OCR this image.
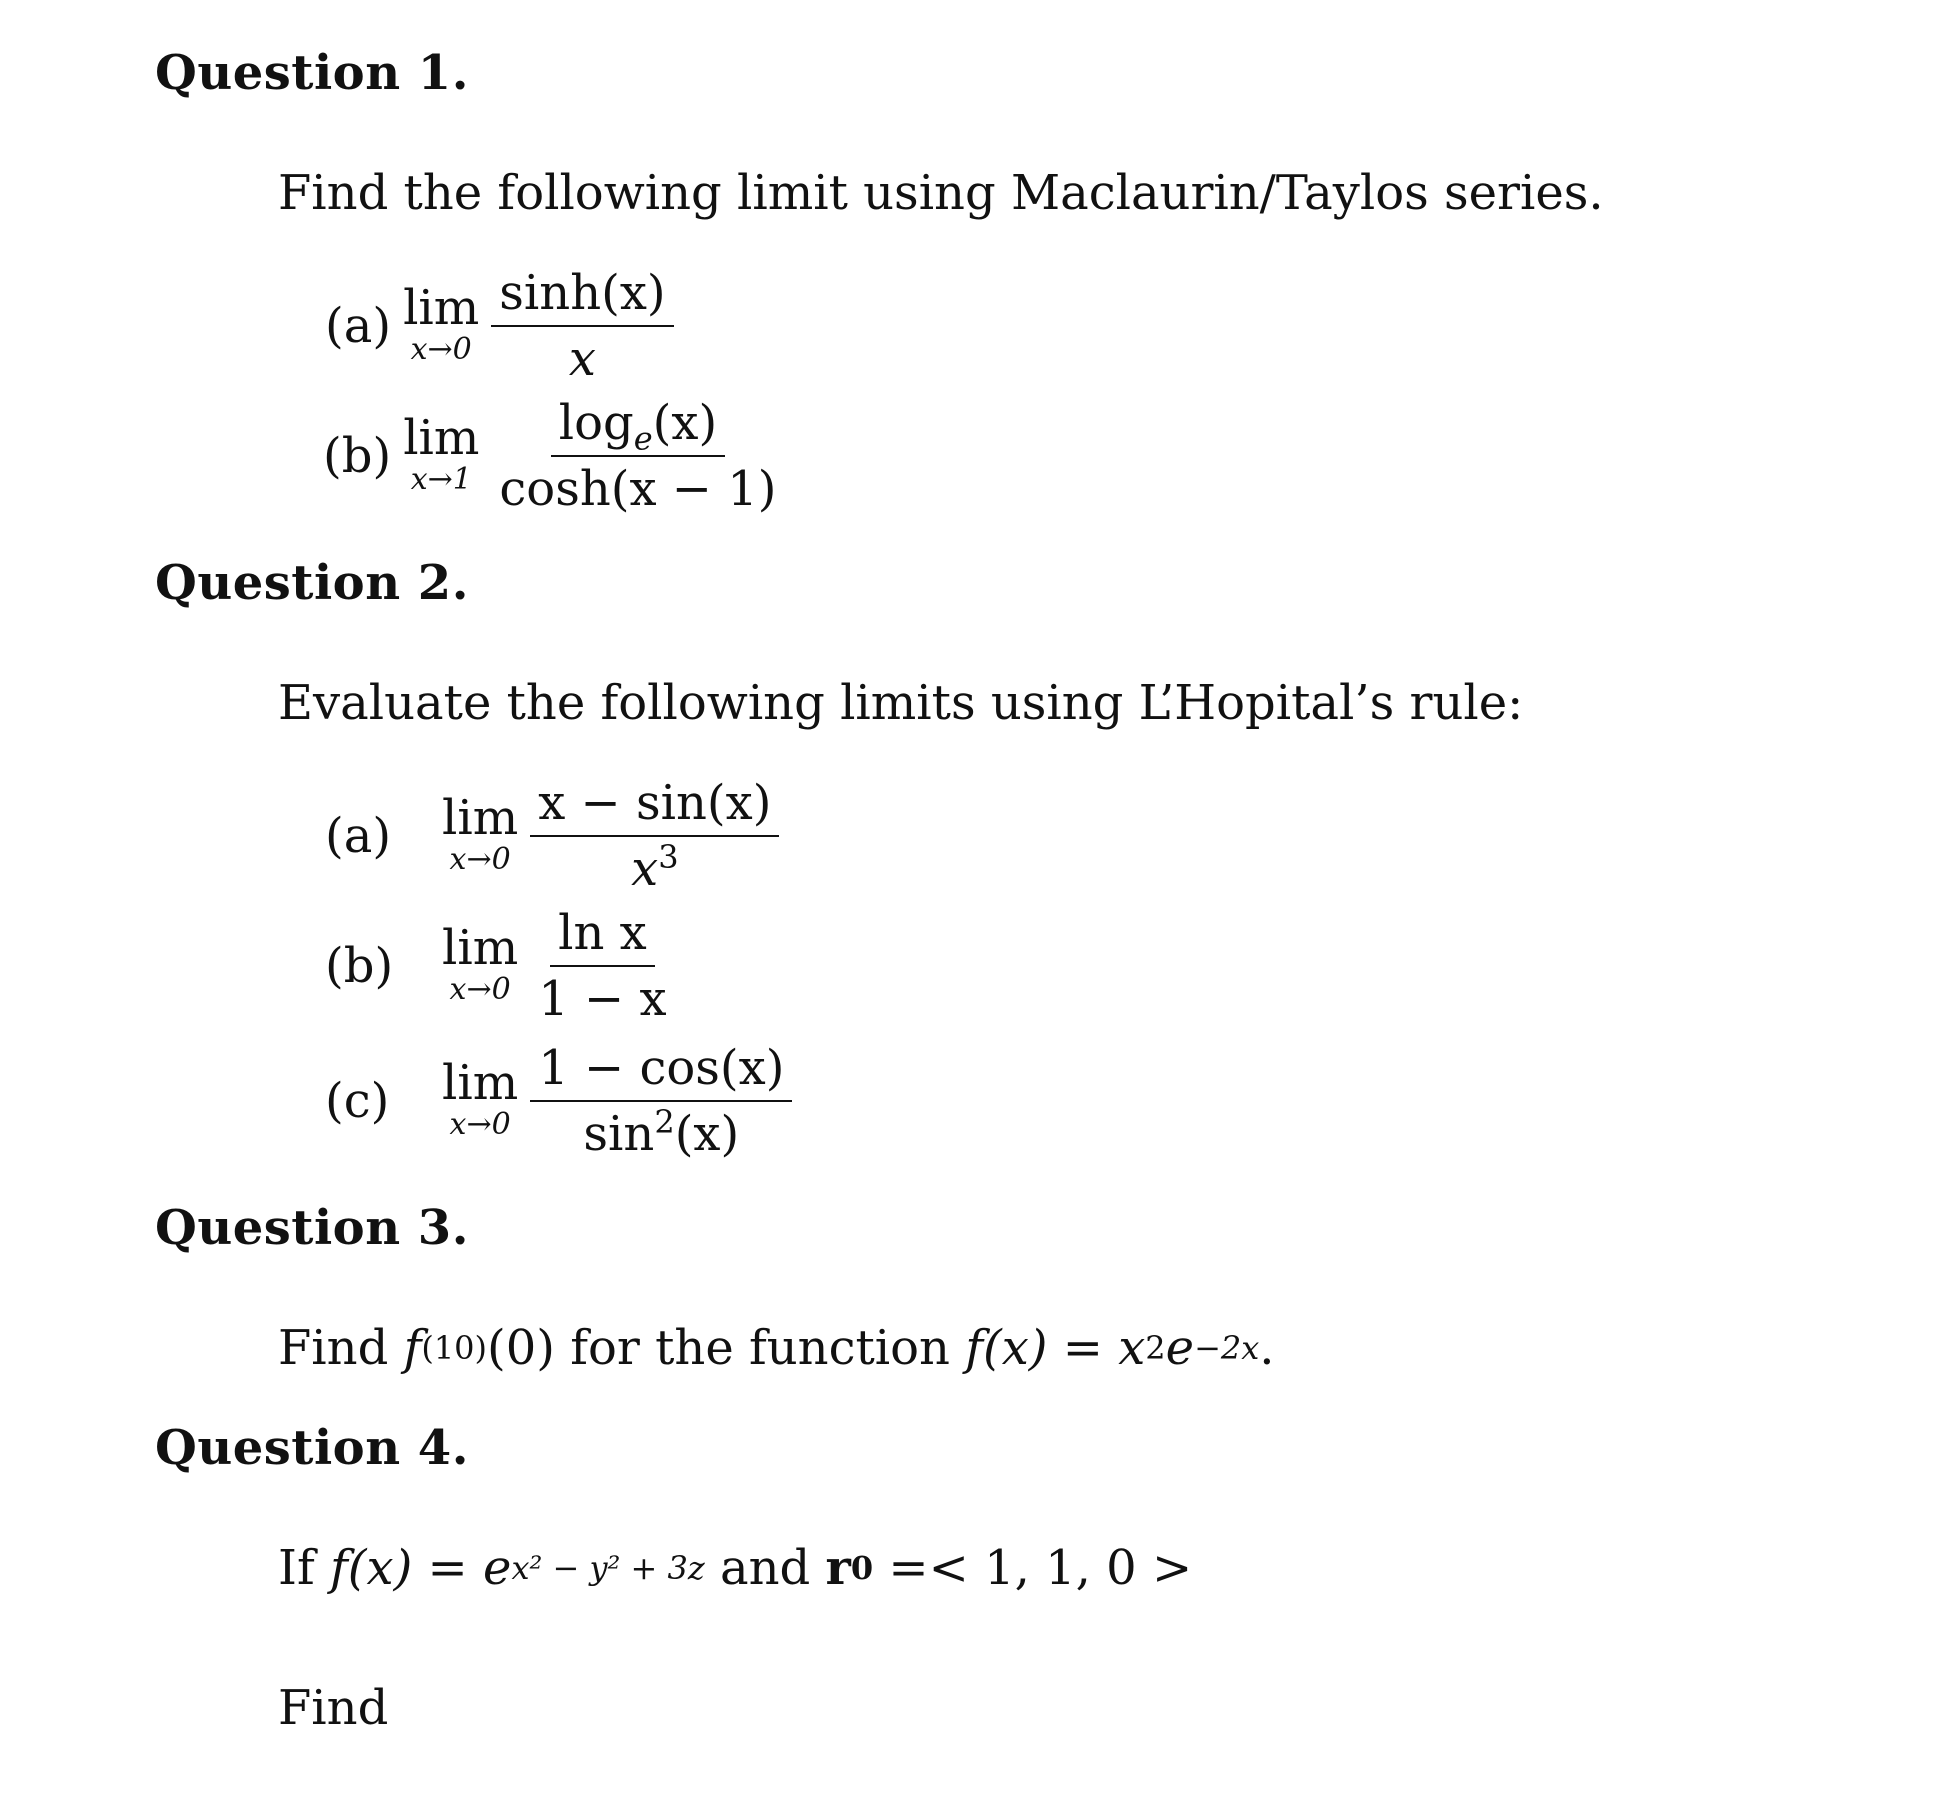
Question 1.
Find the following limit using Maclaurin/Taylos series.
(a) lim
$x\to 0 \frac{\sinh(x)}{x}$
(b) lim
$x\to 1 \frac{\log_e(x)}{\cosh(x - 1)}$
Question 2.
Evaluate the following limits using L’Hopital’s rule:
(a)	lim
$x\to 0 \frac{x - \sin(x)}{x^3}$
(b)	lim
$x\to 0 \frac{\text{ln x}}{1 - x}$
(c)	lim
$x\to 0 \frac{1 - \cos(x)}{\sin^2(x)}$
Question 3.
Find
f (10) (0) for the function
f(x) = x 2 e −2x .
Question 4.
If
f(x) = e x² − y² + 3z
and
r 0
=< 1, 1, 0 >
Find
